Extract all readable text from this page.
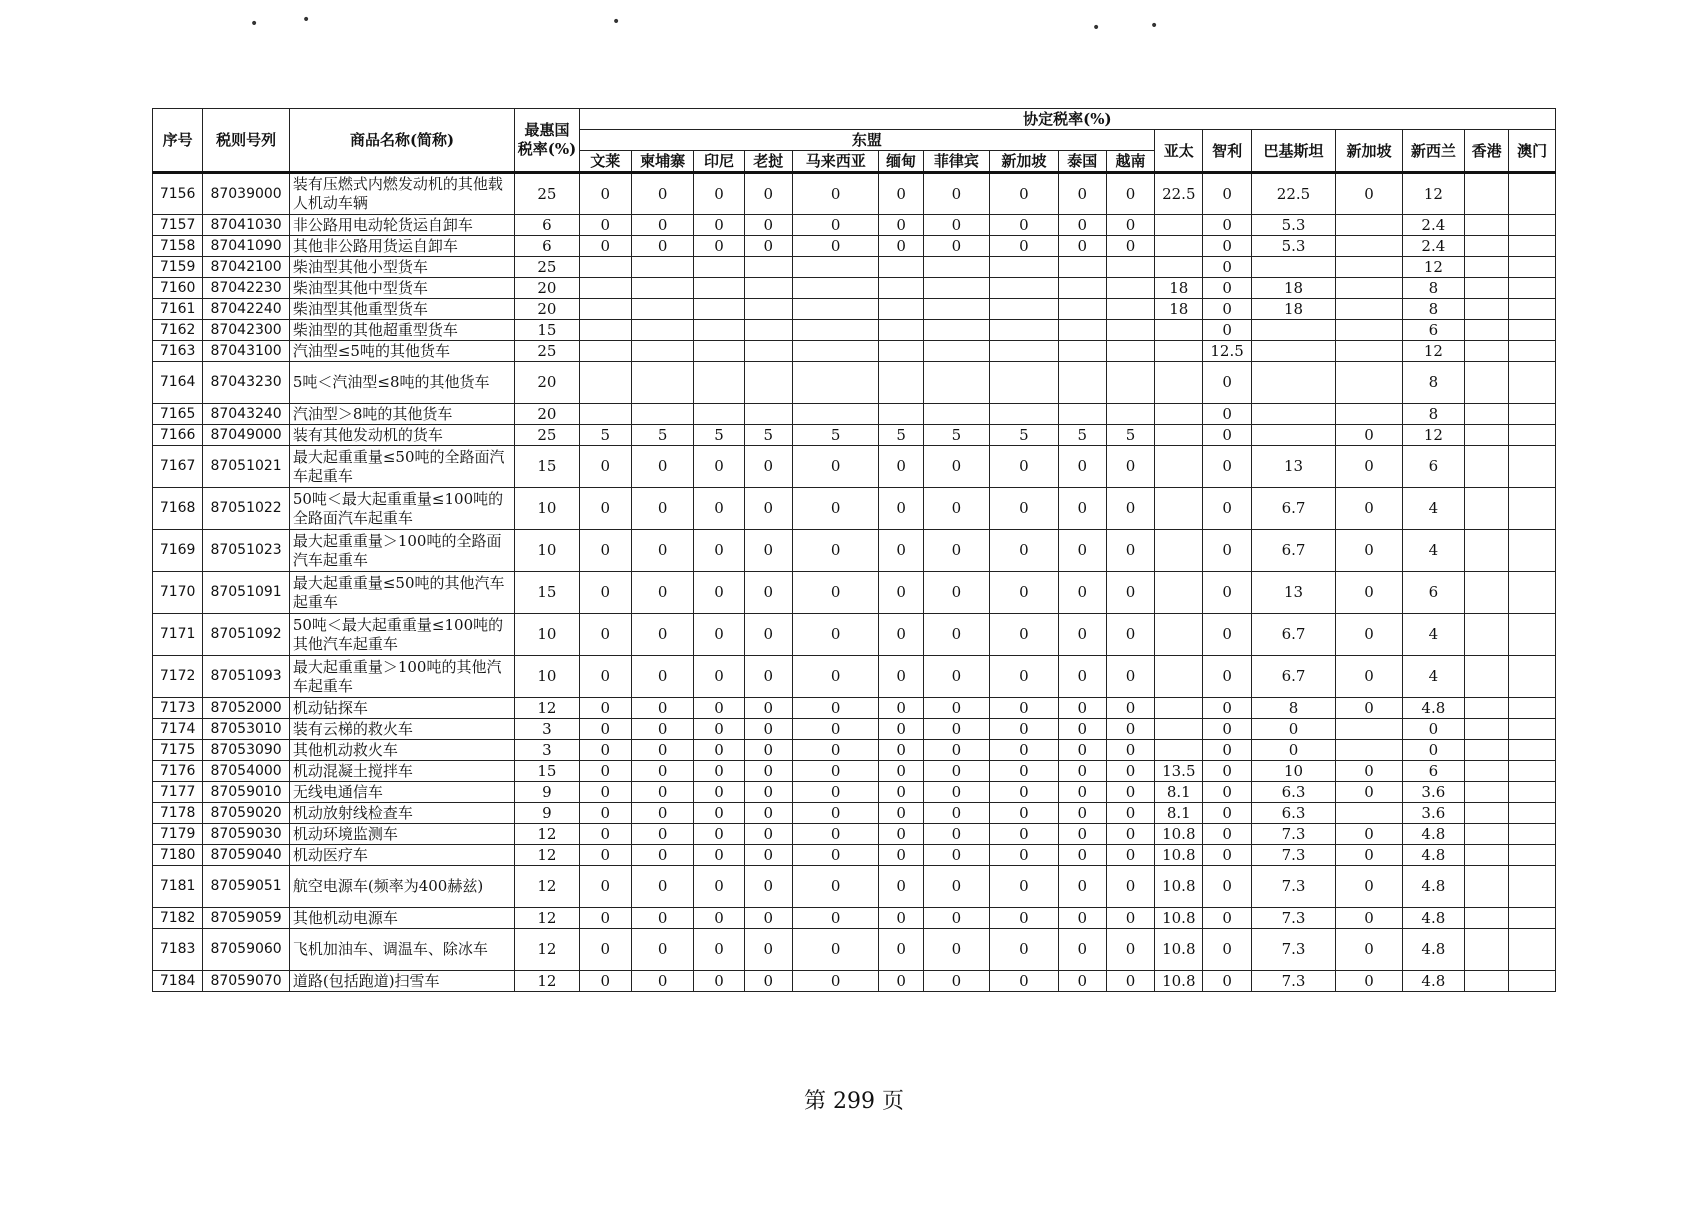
•	•	•	•	•
序号	税则号列	商品名称(简称)	最惠国税率(%)	协定税率(%)																
				东盟										亚太	智利	巴基斯坦	新加坡	新西兰	香港	澳门
				文莱	柬埔寨	印尼	老挝	马来西亚	缅甸	菲律宾	新加坡	泰国	越南							
7156	87039000	装有压燃式内燃发动机的其他载人机动车辆	25	0	0	0	0	0	0	0	0	0	0	22.5	0	22.5	0	12		
7157	87041030	非公路用电动轮货运自卸车	6	0	0	0	0	0	0	0	0	0	0		0	5.3		2.4		
7158	87041090	其他非公路用货运自卸车	6	0	0	0	0	0	0	0	0	0	0		0	5.3		2.4		
7159	87042100	柴油型其他小型货车	25												0			12		
7160	87042230	柴油型其他中型货车	20											18	0	18		8		
7161	87042240	柴油型其他重型货车	20											18	0	18		8		
7162	87042300	柴油型的其他超重型货车	15												0			6		
7163	87043100	汽油型≤5吨的其他货车	25												12.5			12		
7164	87043230	5吨＜汽油型≤8吨的其他货车	20												0			8		
7165	87043240	汽油型＞8吨的其他货车	20												0			8		
7166	87049000	装有其他发动机的货车	25	5	5	5	5	5	5	5	5	5	5		0		0	12		
7167	87051021	最大起重重量≤50吨的全路面汽车起重车	15	0	0	0	0	0	0	0	0	0	0		0	13	0	6		
7168	87051022	50吨＜最大起重重量≤100吨的全路面汽车起重车	10	0	0	0	0	0	0	0	0	0	0		0	6.7	0	4		
7169	87051023	最大起重重量＞100吨的全路面汽车起重车	10	0	0	0	0	0	0	0	0	0	0		0	6.7	0	4		
7170	87051091	最大起重重量≤50吨的其他汽车起重车	15	0	0	0	0	0	0	0	0	0	0		0	13	0	6		
7171	87051092	50吨＜最大起重重量≤100吨的其他汽车起重车	10	0	0	0	0	0	0	0	0	0	0		0	6.7	0	4		
7172	87051093	最大起重重量＞100吨的其他汽车起重车	10	0	0	0	0	0	0	0	0	0	0		0	6.7	0	4		
7173	87052000	机动钻探车	12	0	0	0	0	0	0	0	0	0	0		0	8	0	4.8		
7174	87053010	装有云梯的救火车	3	0	0	0	0	0	0	0	0	0	0		0	0		0		
7175	87053090	其他机动救火车	3	0	0	0	0	0	0	0	0	0	0		0	0		0		
7176	87054000	机动混凝土搅拌车	15	0	0	0	0	0	0	0	0	0	0	13.5	0	10	0	6		
7177	87059010	无线电通信车	9	0	0	0	0	0	0	0	0	0	0	8.1	0	6.3	0	3.6		
7178	87059020	机动放射线检查车	9	0	0	0	0	0	0	0	0	0	0	8.1	0	6.3		3.6		
7179	87059030	机动环境监测车	12	0	0	0	0	0	0	0	0	0	0	10.8	0	7.3	0	4.8		
7180	87059040	机动医疗车	12	0	0	0	0	0	0	0	0	0	0	10.8	0	7.3	0	4.8		
7181	87059051	航空电源车(频率为400赫兹)	12	0	0	0	0	0	0	0	0	0	0	10.8	0	7.3	0	4.8		
7182	87059059	其他机动电源车	12	0	0	0	0	0	0	0	0	0	0	10.8	0	7.3	0	4.8		
7183	87059060	飞机加油车、调温车、除冰车	12	0	0	0	0	0	0	0	0	0	0	10.8	0	7.3	0	4.8		
7184	87059070	道路(包括跑道)扫雪车	12	0	0	0	0	0	0	0	0	0	0	10.8	0	7.3	0	4.8		
第 299 页
